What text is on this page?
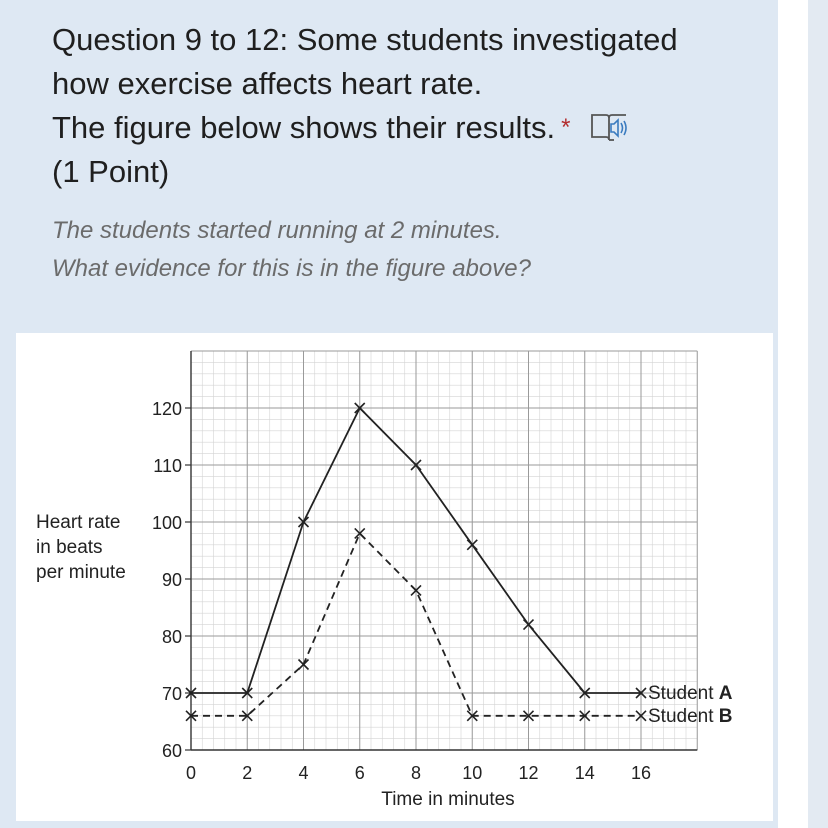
Question 9 to 12: Some students investigated
how exercise affects heart rate.
The figure below shows their results. *
(1 Point)
The students started running at 2 minutes.
What evidence for this is in the figure above?
60
70
80
90
100
110
120
0	2	4	6	8 10 12 14 16
Student A
Student B
Heart rate in beats per minute
Time in minutes
